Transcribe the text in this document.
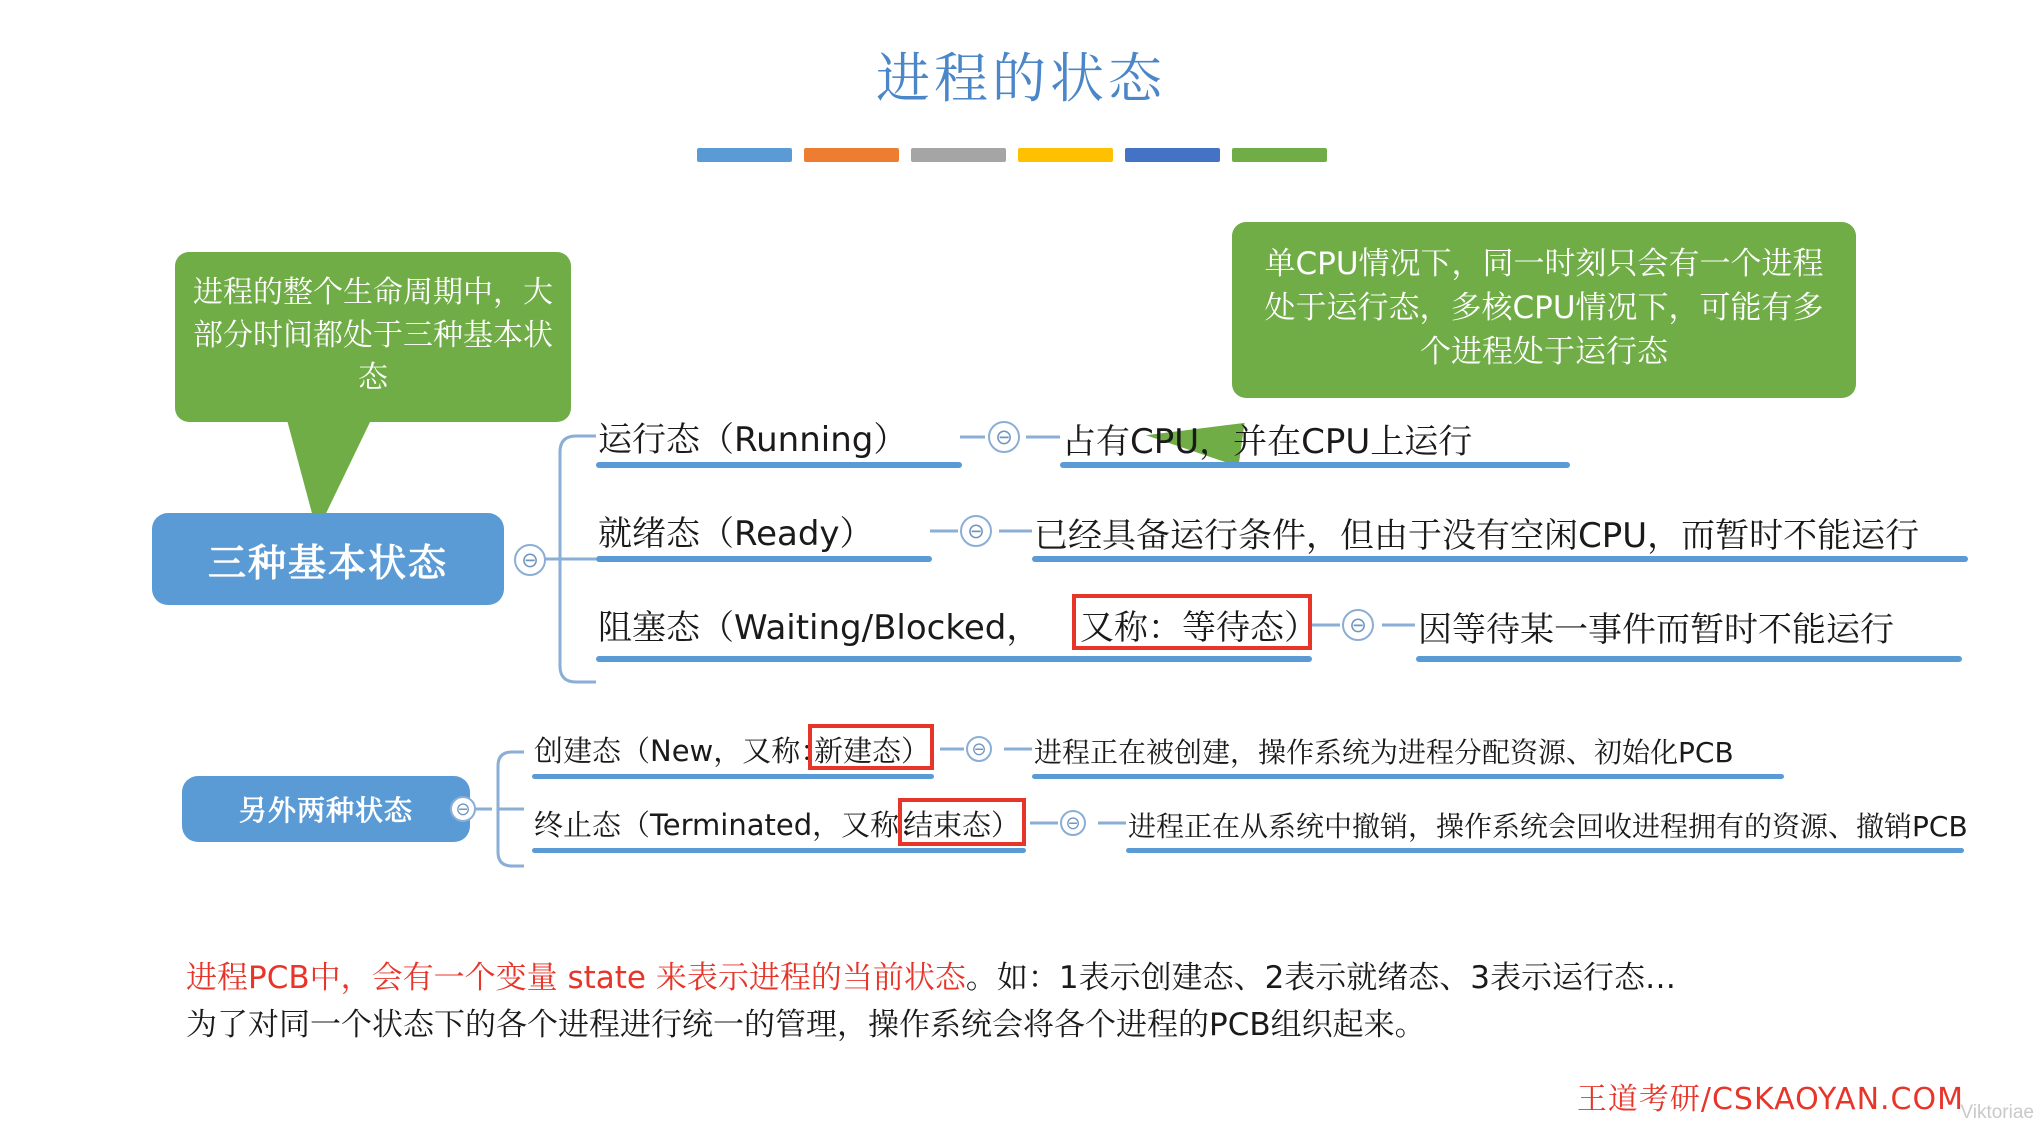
进程的状态
进程的整个生命周期中，大部分时间都处于三种基本状态
单CPU情况下，同一时刻只会有一个进程处于运行态，多核CPU情况下，可能有多个进程处于运行态
三种基本状态	⊖
另外两种状态 ⊖
运行态（Running）	⊖ 占有CPU，并在CPU上运行
就绪态（Ready）	⊖ 已经具备运行条件，但由于没有空闲CPU，而暂时不能运行
阻塞态（Waiting/Blocked， 又称：等待态） ⊖ 因等待某一事件而暂时不能运行
创建态（New，又称：
新建态） ⊖ 进程正在被创建，操作系统为进程分配资源、初始化PCB
终止态（Terminated，又称：
结束态）	⊖ 进程正在从系统中撤销，操作系统会回收进程拥有的资源、撤销PCB
进程PCB中，会有一个变量 state 来表示进程的当前状态。如：1表示创建态、2表示就绪态、3表示运行态…
为了对同一个状态下的各个进程进行统一的管理，操作系统会将各个进程的PCB组织起来。
王道考研/CSKAOYAN.COM
Viktoriae
